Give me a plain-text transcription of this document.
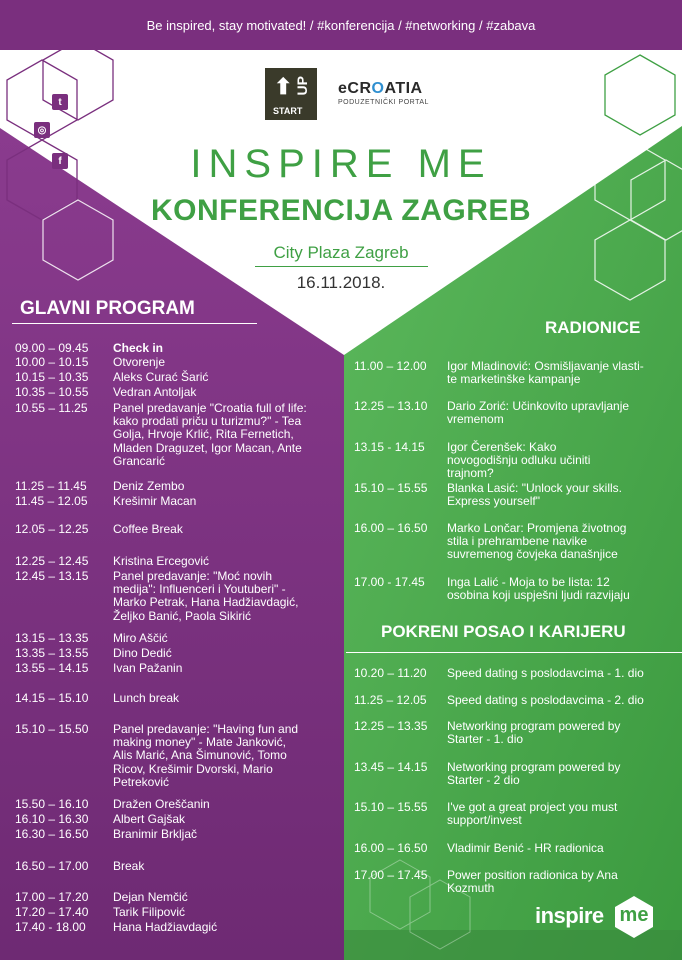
Be inspired, stay motivated! / #konferencija / #networking / #zabava
t
◎
f
⬆ UP
START
eCROATIA
PODUZETNIČKI PORTAL
INSPIRE ME
KONFERENCIJA ZAGREB
City Plaza Zagreb
16.11.2018.
GLAVNI PROGRAM
RADIONICE
POKRENI POSAO I KARIJERU
09.00 – 09.45 Check in
10.00 – 10.15 Otvorenje
10.15 – 10.35 Aleks Curać Šarić
10.35 – 10.55 Vedran Antoljak
10.55 – 11.25 Panel predavanje "Croatia full of life: kako prodati priču u turizmu?" - Tea Golja, Hrvoje Krlić, Rita Fernetich, Mladen Draguzet, Igor Macan, Ante Grancarić
11.25 – 11.45 Deniz Zembo
11.45 – 12.05 Krešimir Macan
12.05 – 12.25 Coffee Break
12.25 – 12.45 Kristina Ercegović
12.45 – 13.15 Panel predavanje: "Moć novih medija": Influenceri i Youtuberi" - Marko Petrak, Hana Hadžiavdagić, Željko Banić, Paola Sikirić
13.15 – 13.35 Miro Aščić
13.35 – 13.55 Dino Dedić
13.55 – 14.15 Ivan Pažanin
14.15 – 15.10 Lunch break
15.10 – 15.50 Panel predavanje: "Having fun and making money" - Mate Janković, Alis Marić, Ana Šimunović, Tomo Ricov, Krešimir Dvorski, Mario Petreković
15.50 – 16.10 Dražen Oreščanin
16.10 – 16.30 Albert Gajšak
16.30 – 16.50 Branimir Brkljač
16.50 – 17.00 Break
17.00 – 17.20 Dejan Nemčić
17.20 – 17.40 Tarik Filipović
17.40 - 18.00 Hana Hadžiavdagić
11.00 – 12.00 Igor Mladinović: Osmišljavanje vlasti- te marketinške kampanje
12.25 – 13.10 Dario Zorić: Učinkovito upravljanje vremenom
13.15 - 14.15 Igor Čerenšek: Kako novogodišnju odluku učiniti trajnom?
15.10 – 15.55 Blanka Lasić: "Unlock your skills. Express yourself"
16.00 – 16.50 Marko Lončar: Promjena životnog stila i prehrambene navike suvremenog čovjeka današnjice
17.00 - 17.45 Inga Lalić - Moja to be lista: 12 osobina koji uspješni ljudi razvijaju
10.20 – 11.20 Speed dating s poslodavcima - 1. dio
11.25 – 12.05 Speed dating s poslodavcima - 2. dio
12.25 – 13.35 Networking program powered by Starter - 1. dio
13.45 – 14.15 Networking program powered by Starter - 2 dio
15.10 – 15.55 I've got a great project you must support/invest
16.00 – 16.50 Vladimir Benić - HR radionica
17.00 – 17.45 Power position radionica by Ana Kozmuth
inspire me
